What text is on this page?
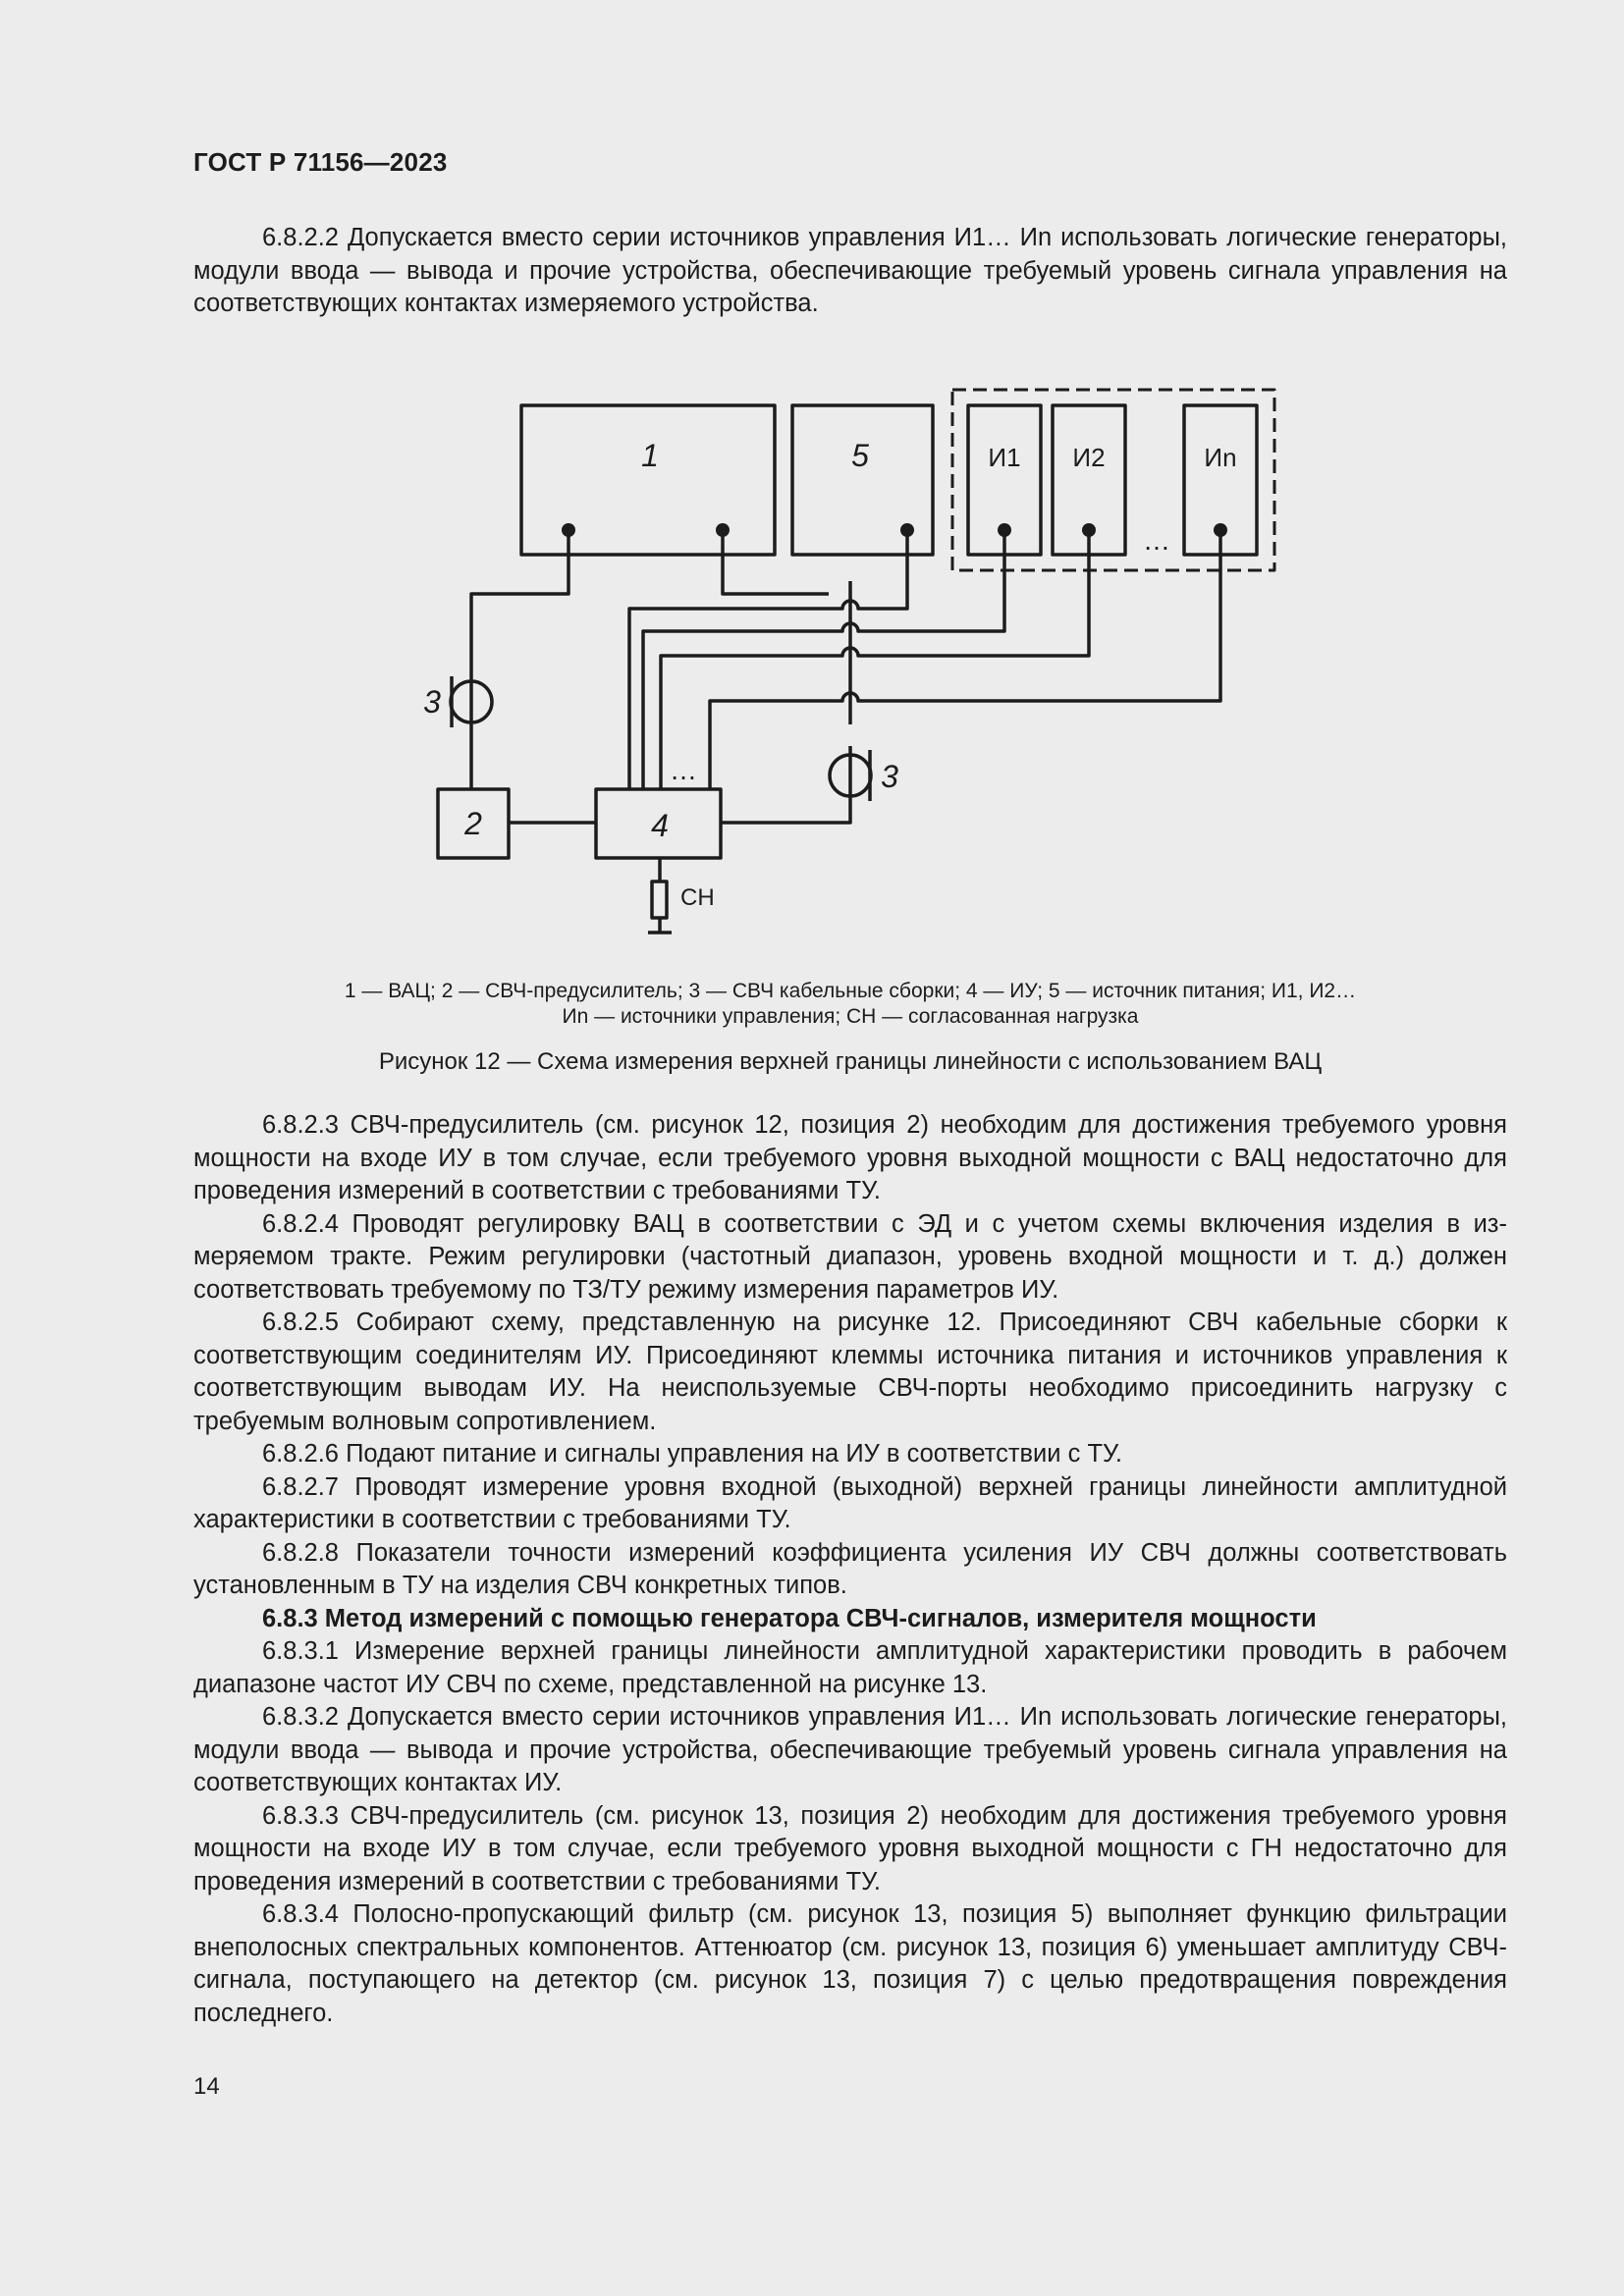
ГОСТ Р 71156—2023

6.8.2.2 Допускается вместо серии источников управления И1… Иn использовать логические генераторы, модули ввода — вывода и прочие устройства, обеспечивающие требуемый уровень сигнала управления на соответствующих контактах измеряемого устройства.

1	5	И1 И2	Иn
…
2	4
…
3
3
СН
1 — ВАЦ; 2 — СВЧ-предусилитель; 3 — СВЧ кабельные сборки; 4 — ИУ; 5 — источник питания; И1, И2…
Иn — источники управления; СН — согласованная нагрузка
Рисунок 12 — Схема измерения верхней границы линейности с использованием ВАЦ

6.8.2.3 СВЧ-предусилитель (см. рисунок 12, позиция 2) необходим для достижения требуемого уровня мощности на входе ИУ в том случае, если требуемого уровня выходной мощности с ВАЦ недостаточно для проведения измерений в соответствии с требованиями ТУ.

6.8.2.4 Проводят регулировку ВАЦ в соответствии с ЭД и с учетом схемы включения изделия в измеряемом тракте. Режим регулировки (частотный диапазон, уровень входной мощности и т. д.) должен соответствовать требуемому по ТЗ/ТУ режиму измерения параметров ИУ.

6.8.2.5 Собирают схему, представленную на рисунке 12. Присоединяют СВЧ кабельные сборки к соответствующим соединителям ИУ. Присоединяют клеммы источника питания и источников управления к соответствующим выводам ИУ. На неиспользуемые СВЧ-порты необходимо присоединить нагрузку с требуемым волновым сопротивлением.

6.8.2.6 Подают питание и сигналы управления на ИУ в соответствии с ТУ.

6.8.2.7 Проводят измерение уровня входной (выходной) верхней границы линейности амплитудной характеристики в соответствии с требованиями ТУ.

6.8.2.8 Показатели точности измерений коэффициента усиления ИУ СВЧ должны соответствовать установленным в ТУ на изделия СВЧ конкретных типов.

6.8.3 Метод измерений с помощью генератора СВЧ-сигналов, измерителя мощности

6.8.3.1 Измерение верхней границы линейности амплитудной характеристики проводить в рабочем диапазоне частот ИУ СВЧ по схеме, представленной на рисунке 13.

6.8.3.2 Допускается вместо серии источников управления И1… Иn использовать логические генераторы, модули ввода — вывода и прочие устройства, обеспечивающие требуемый уровень сигнала управления на соответствующих контактах ИУ.

6.8.3.3 СВЧ-предусилитель (см. рисунок 13, позиция 2) необходим для достижения требуемого уровня мощности на входе ИУ в том случае, если требуемого уровня выходной мощности с ГН недостаточно для проведения измерений в соответствии с требованиями ТУ.

6.8.3.4 Полосно-пропускающий фильтр (см. рисунок 13, позиция 5) выполняет функцию фильтрации внеполосных спектральных компонентов. Аттенюатор (см. рисунок 13, позиция 6) уменьшает амплитуду СВЧ-сигнала, поступающего на детектор (см. рисунок 13, позиция 7) с целью предотвращения повреждения последнего.

14
